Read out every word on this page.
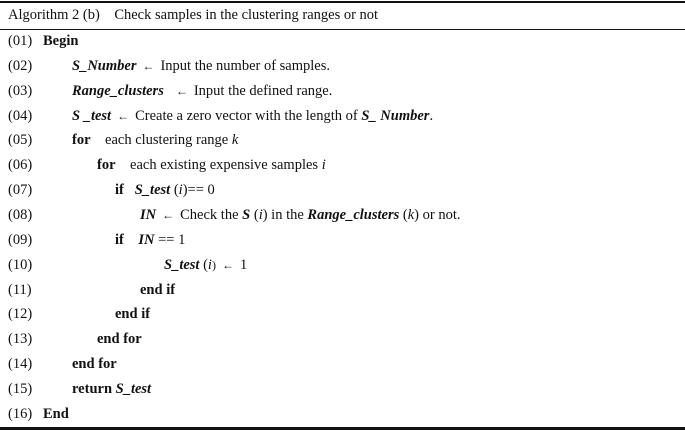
Algorithm 2 (b) Check samples in the clustering ranges or not
(01) Begin
(02)	S_Number  ←  Input the number of samples.
(03)	Range_clusters    ←  Input the defined range.
(04)	S _test  ←  Create a zero vector with the length of S_ Number.
(05)	for    each clustering range k
(06)	for    each existing expensive samples i
(07)	if S_test (i)== 0
(08)	IN  ←  Check the S (i) in the Range_clusters (k) or not.
(09)	if IN == 1
(10)	S_test (i)  ←  1
(11)	end if
(12)	end if
(13)	end for
(14)	end for
(15)	return S_test
(16) End
